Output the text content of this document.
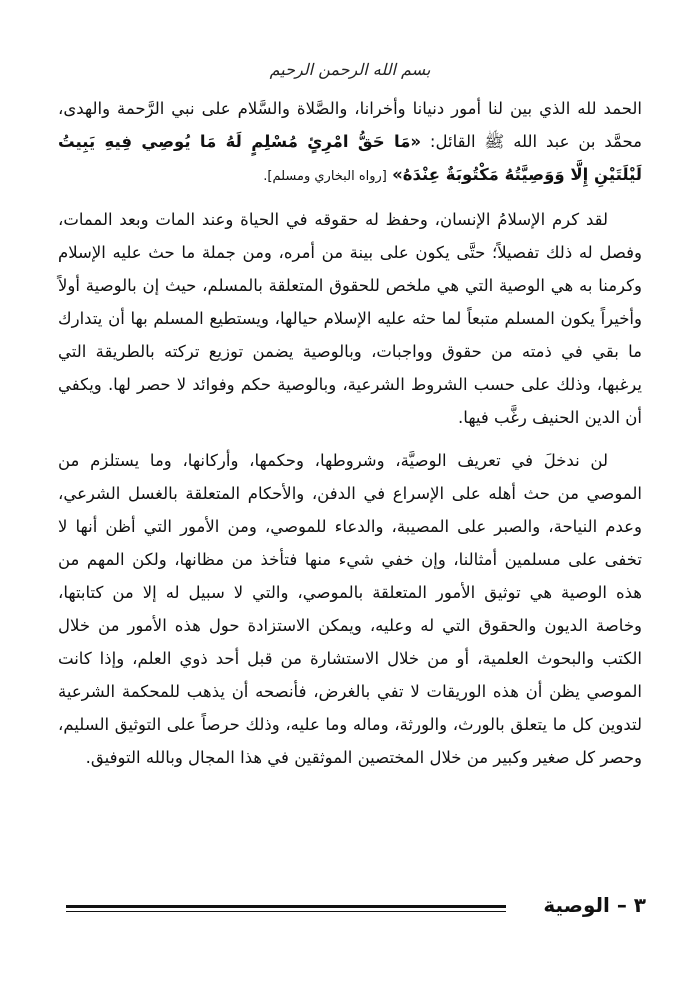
بسم الله الرحمن الرحيم

الحمد لله الذي بين لنا أمور دنيانا وأخرانا، والصَّلاة والسَّلام على نبي الرَّحمة والهدى، محمَّد بن عبد الله ﷺ القائل: «مَا حَقُّ امْرِئٍ مُسْلِمٍ لَهُ مَا يُوصِي فِيهِ يَبِيتُ لَيْلَتَيْنِ إِلَّا وَوَصِيَّتُهُ مَكْتُوبَةٌ عِنْدَهُ» [رواه البخاري ومسلم].

لقد كرم الإسلامُ الإنسان، وحفظ له حقوقه في الحياة وعند المات وبعد الممات، وفصل له ذلك تفصيلاً؛ حتَّى يكون على بينة من أمره، ومن جملة ما حث عليه الإسلام وكرمنا به هي الوصية التي هي ملخص للحقوق المتعلقة بالمسلم، حيث إن بالوصية أولاً وأخيراً يكون المسلم متبعاً لما حثه عليه الإسلام حيالها، ويستطيع المسلم بها أن يتدارك ما بقي في ذمته من حقوق وواجبات، وبالوصية يضمن توزيع تركته بالطريقة التي يرغبها، وذلك على حسب الشروط الشرعية، وبالوصية حكم وفوائد لا حصر لها. ويكفي أن الدين الحنيف رغَّب فيها.

لن ندخلَ في تعريف الوصيَّة، وشروطها، وحكمها، وأركانها، وما يستلزم من الموصي من حث أهله على الإسراع في الدفن، والأحكام المتعلقة بالغسل الشرعي، وعدم النياحة، والصبر على المصيبة، والدعاء للموصي، ومن الأمور التي أظن أنها لا تخفى على مسلمين أمثالنا، وإن خفي شيء منها فتأخذ من مظانها، ولكن المهم من هذه الوصية هي توثيق الأمور المتعلقة بالموصي، والتي لا سبيل له إلا من كتابتها، وخاصة الديون والحقوق التي له وعليه، ويمكن الاستزادة حول هذه الأمور من خلال الكتب والبحوث العلمية، أو من خلال الاستشارة من قبل أحد ذوي العلم، وإذا كانت الموصي يظن أن هذه الوريقات لا تفي بالغرض، فأنصحه أن يذهب للمحكمة الشرعية لتدوين كل ما يتعلق بالورث، والورثة، وماله وما عليه، وذلك حرصاً على التوثيق السليم، وحصر كل صغير وكبير من خلال المختصين الموثقين في هذا المجال وبالله التوفيق.

٣ – الوصية
